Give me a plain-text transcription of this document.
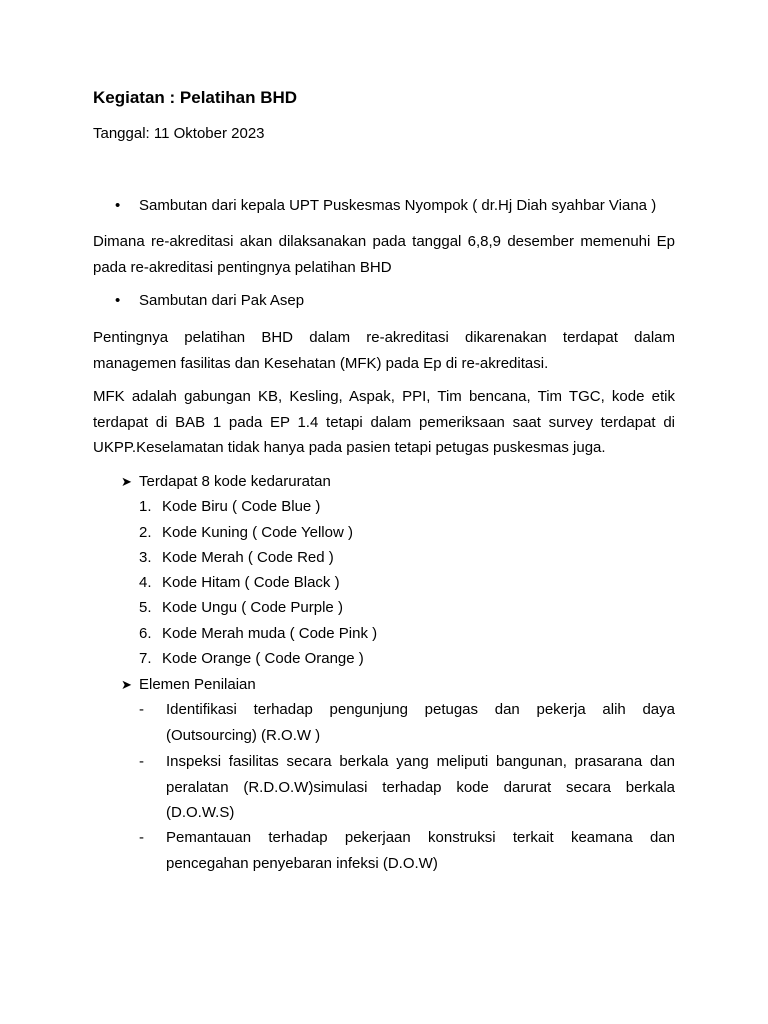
Kegiatan : Pelatihan BHD
Tanggal: 11 Oktober 2023
•	Sambutan dari kepala UPT Puskesmas Nyompok ( dr.Hj Diah syahbar Viana )
Dimana re-akreditasi akan dilaksanakan pada tanggal 6,8,9 desember memenuhi Ep pada re-akreditasi pentingnya pelatihan BHD
•	Sambutan dari Pak Asep
Pentingnya pelatihan BHD dalam re-akreditasi dikarenakan terdapat dalam managemen fasilitas dan Kesehatan (MFK) pada Ep di re-akreditasi.
MFK adalah gabungan KB, Kesling, Aspak, PPI, Tim bencana, Tim TGC, kode etik terdapat di BAB 1 pada EP 1.4 tetapi dalam pemeriksaan saat survey terdapat di UKPP.Keselamatan tidak hanya pada pasien tetapi petugas puskesmas juga.
➤ Terdapat 8 kode kedaruratan
1. Kode Biru ( Code Blue )
2. Kode Kuning ( Code Yellow )
3. Kode Merah ( Code Red )
4. Kode Hitam ( Code Black )
5. Kode Ungu ( Code Purple )
6. Kode Merah muda ( Code Pink )
7. Kode Orange ( Code Orange )
➤ Elemen Penilaian
- Identifikasi terhadap pengunjung petugas dan pekerja alih daya (Outsourcing) (R.O.W )
- Inspeksi fasilitas secara berkala yang meliputi bangunan, prasarana dan peralatan (R.D.O.W)simulasi terhadap kode darurat secara berkala (D.O.W.S)
- Pemantauan terhadap pekerjaan konstruksi terkait keamana dan pencegahan penyebaran infeksi (D.O.W)
